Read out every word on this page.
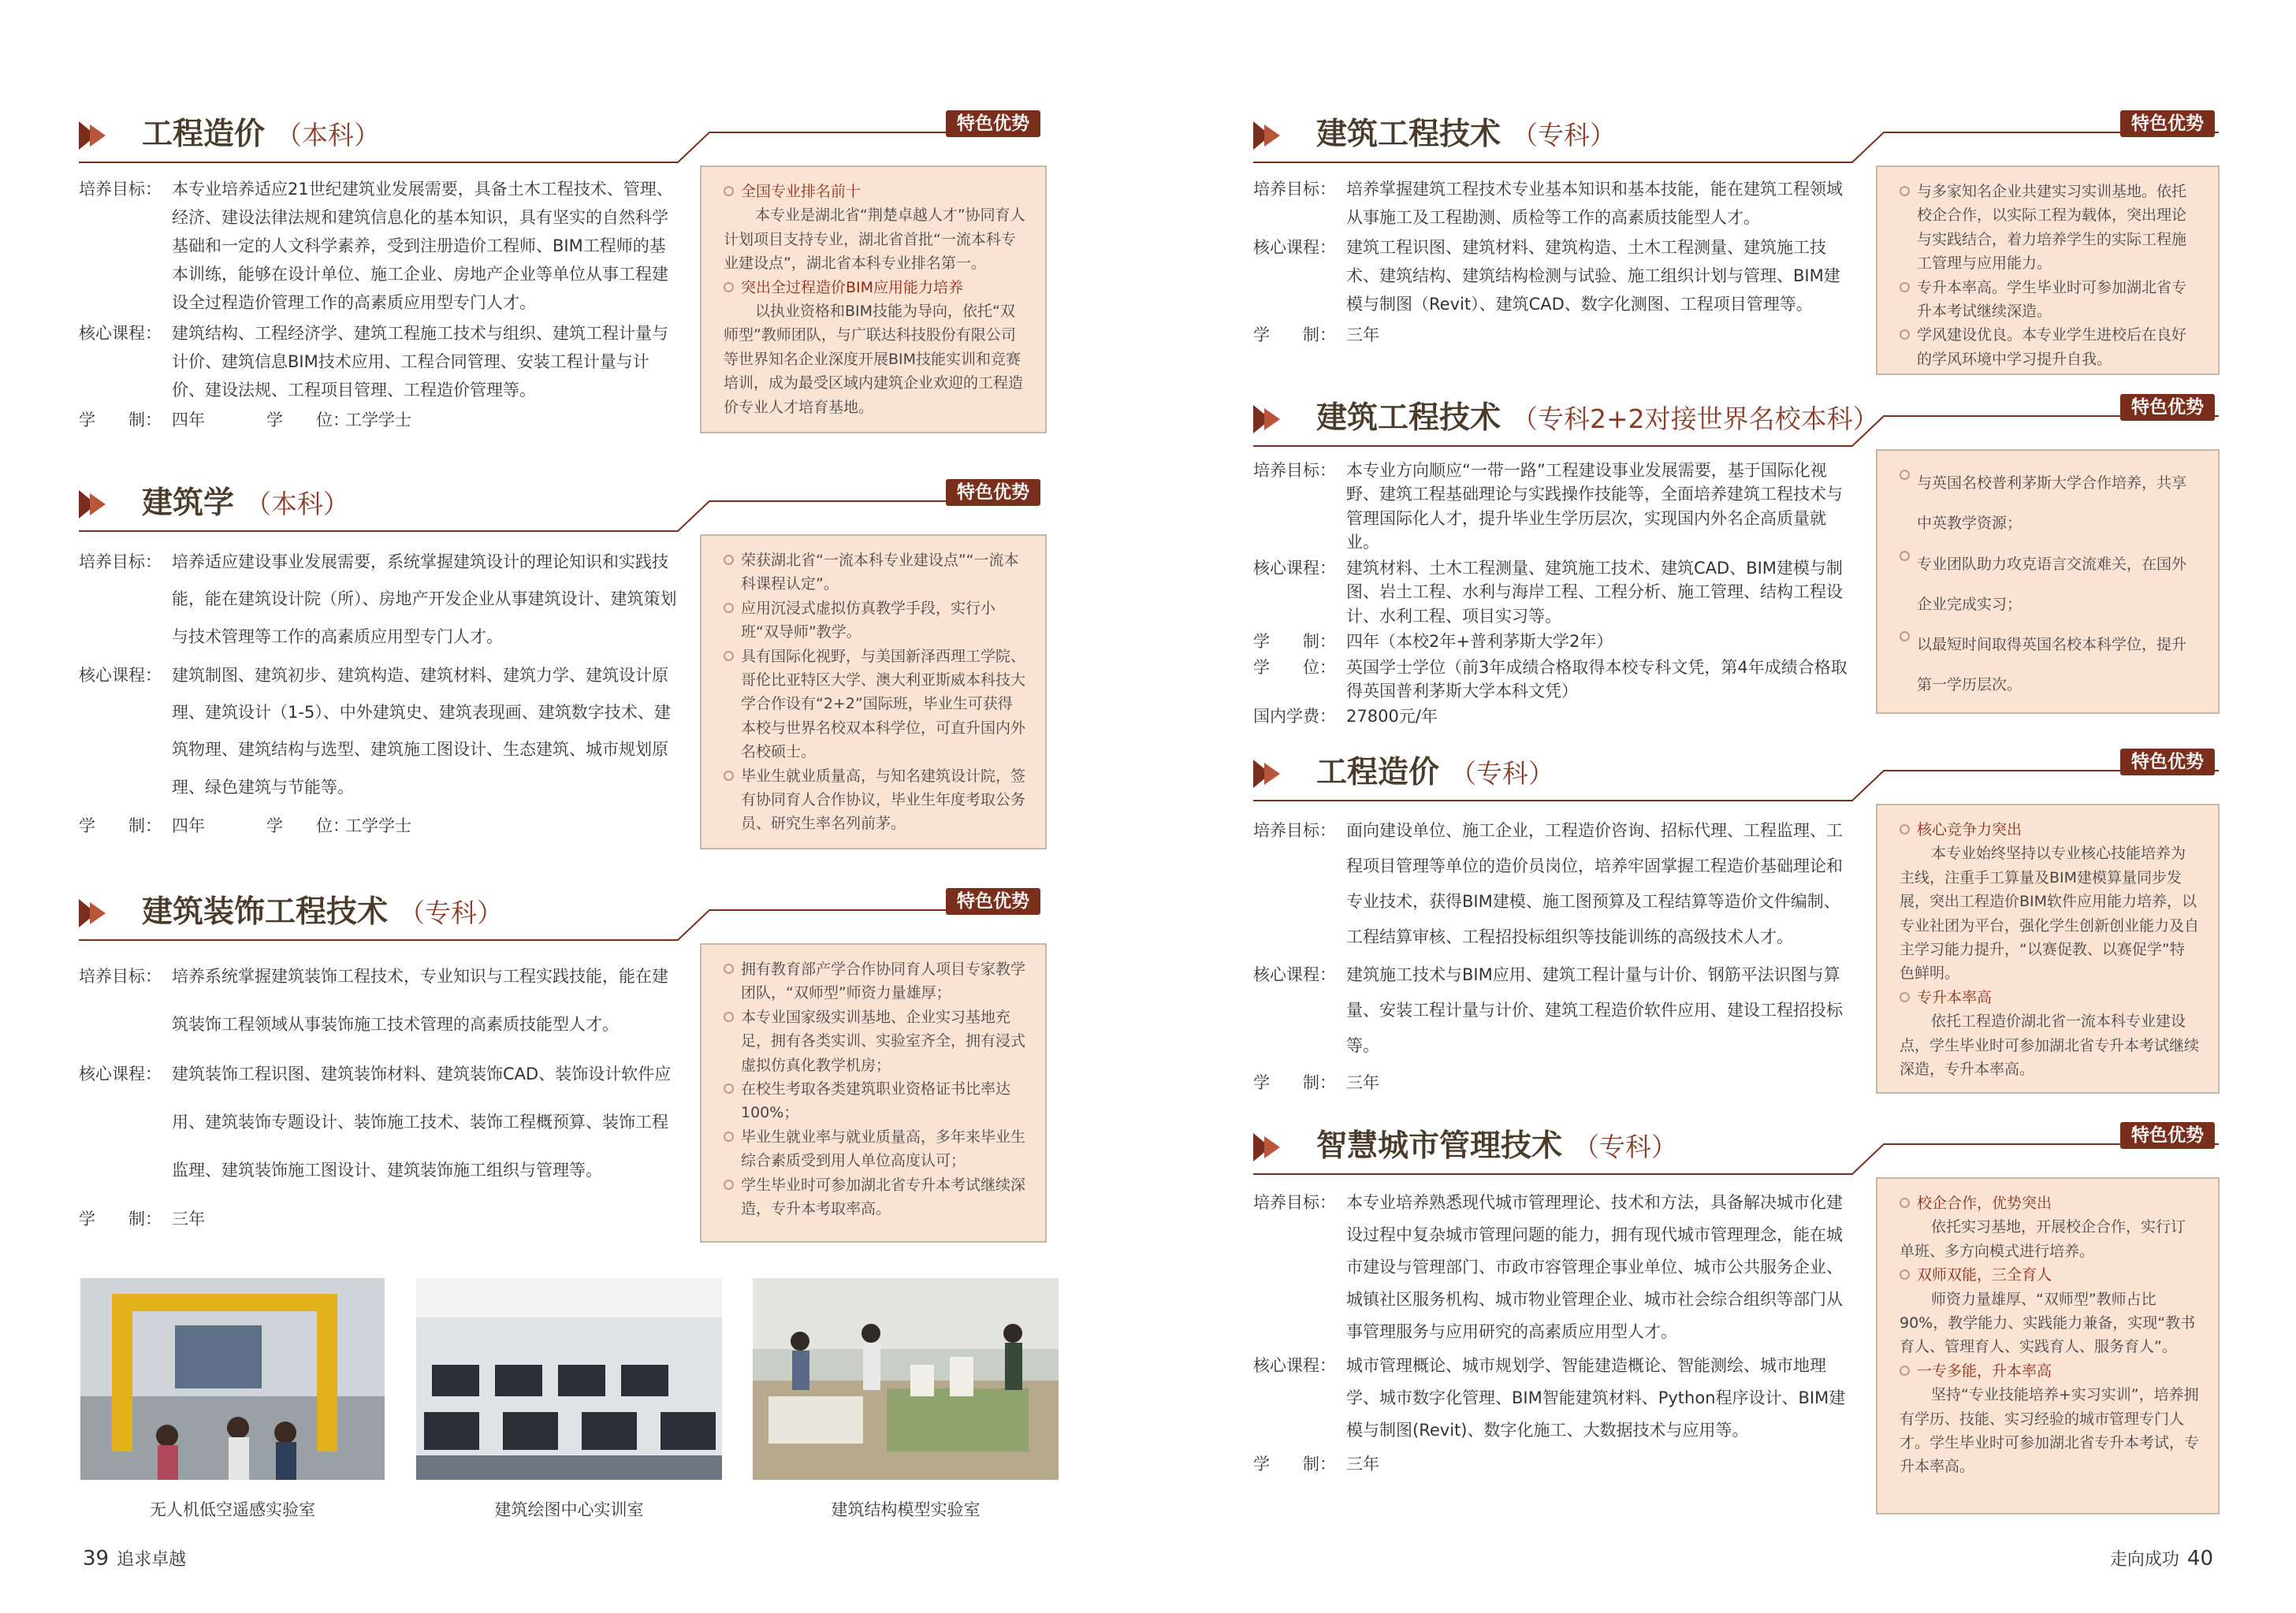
工程造价 （本科）	特色优势
培养目标： 本专业培养适应21世纪建筑业发展需要，具备土木工程技术、管理、经济、建设法律法规和建筑信息化的基本知识，具有坚实的自然科学基础和一定的人文科学素养，受到注册造价工程师、BIM工程师的基本训练，能够在设计单位、施工企业、房地产企业等单位从事工程建设全过程造价管理工作的高素质应用型专门人才。
核心课程： 建筑结构、工程经济学、建筑工程施工技术与组织、建筑工程计量与计价、建筑信息BIM技术应用、工程合同管理、安装工程计量与计价、建设法规、工程项目管理、工程造价管理等。
学　　制： 四年	学　　位：
工学学士
全国专业排名前十
本专业是湖北省“荆楚卓越人才”协同育人计划项目支持专业，湖北省首批“一流本科专业建设点”，湖北省本科专业排名第一。
突出全过程造价BIM应用能力培养
以执业资格和BIM技能为导向，依托“双师型”教师团队，与广联达科技股份有限公司等世界知名企业深度开展BIM技能实训和竞赛培训，成为最受区域内建筑企业欢迎的工程造价专业人才培育基地。
建筑学 （本科）	特色优势
培养目标： 培养适应建设事业发展需要，系统掌握建筑设计的理论知识和实践技能，能在建筑设计院（所）、房地产开发企业从事建筑设计、建筑策划与技术管理等工作的高素质应用型专门人才。
核心课程： 建筑制图、建筑初步、建筑构造、建筑材料、建筑力学、建筑设计原理、建筑设计（1-5）、中外建筑史、建筑表现画、建筑数字技术、建筑物理、建筑结构与选型、建筑施工图设计、生态建筑、城市规划原理、绿色建筑与节能等。
学　　制： 四年	学　　位：
工学学士
荣获湖北省“一流本科专业建设点”“一流本科课程认定”。
应用沉浸式虚拟仿真教学手段，实行小班“双导师”教学。
具有国际化视野，与美国新泽西理工学院、哥伦比亚特区大学、澳大利亚斯威本科技大学合作设有“2+2”国际班，毕业生可获得本校与世界名校双本科学位，可直升国内外名校硕士。
毕业生就业质量高，与知名建筑设计院，签有协同育人合作协议，毕业生年度考取公务员、研究生率名列前茅。
建筑装饰工程技术 （专科）	特色优势
培养目标： 培养系统掌握建筑装饰工程技术，专业知识与工程实践技能，能在建筑装饰工程领域从事装饰施工技术管理的高素质技能型人才。
核心课程： 建筑装饰工程识图、建筑装饰材料、建筑装饰CAD、装饰设计软件应用、建筑装饰专题设计、装饰施工技术、装饰工程概预算、装饰工程监理、建筑装饰施工图设计、建筑装饰施工组织与管理等。
学　　制： 三年
拥有教育部产学合作协同育人项目专家教学团队，“双师型”师资力量雄厚；
本专业国家级实训基地、企业实习基地充足，拥有各类实训、实验室齐全，拥有浸式虚拟仿真化教学机房；
在校生考取各类建筑职业资格证书比率达100%；
毕业生就业率与就业质量高，多年来毕业生综合素质受到用人单位高度认可；
学生毕业时可参加湖北省专升本考试继续深造，专升本考取率高。
无人机低空遥感实验室	建筑绘图中心实训室	建筑结构模型实验室
39 追求卓越
建筑工程技术 （专科）	特色优势
培养目标： 培养掌握建筑工程技术专业基本知识和基本技能，能在建筑工程领域从事施工及工程勘测、质检等工作的高素质技能型人才。
核心课程： 建筑工程识图、建筑材料、建筑构造、土木工程测量、建筑施工技术、建筑结构、建筑结构检测与试验、施工组织计划与管理、BIM建模与制图（Revit）、建筑CAD、数字化测图、工程项目管理等。
学　　制： 三年
与多家知名企业共建实习实训基地。依托校企合作，以实际工程为载体，突出理论与实践结合，着力培养学生的实际工程施工管理与应用能力。
专升本率高。学生毕业时可参加湖北省专升本考试继续深造。
学风建设优良。本专业学生进校后在良好的学风环境中学习提升自我。
建筑工程技术 （专科2+2对接世界名校本科）	特色优势
培养目标： 本专业方向顺应“一带一路”工程建设事业发展需要，基于国际化视野、建筑工程基础理论与实践操作技能等，全面培养建筑工程技术与管理国际化人才，提升毕业生学历层次，实现国内外名企高质量就业。
核心课程： 建筑材料、土木工程测量、建筑施工技术、建筑CAD、BIM建模与制图、岩土工程、水利与海岸工程、工程分析、施工管理、结构工程设计、水利工程、项目实习等。
学　　制： 四年（本校2年+普利茅斯大学2年）
学　　位： 英国学士学位（前3年成绩合格取得本校专科文凭，第4年成绩合格取得英国普利茅斯大学本科文凭）
国内学费： 27800元/年
与英国名校普利茅斯大学合作培养，共享中英教学资源；
专业团队助力攻克语言交流难关，在国外企业完成实习；
以最短时间取得英国名校本科学位，提升第一学历层次。
工程造价 （专科）	特色优势
培养目标： 面向建设单位、施工企业，工程造价咨询、招标代理、工程监理、工程项目管理等单位的造价员岗位，培养牢固掌握工程造价基础理论和专业技术，获得BIM建模、施工图预算及工程结算等造价文件编制、工程结算审核、工程招投标组织等技能训练的高级技术人才。
核心课程： 建筑施工技术与BIM应用、建筑工程计量与计价、钢筋平法识图与算量、安装工程计量与计价、建筑工程造价软件应用、建设工程招投标等。
学　　制： 三年
核心竞争力突出
本专业始终坚持以专业核心技能培养为主线，注重手工算量及BIM建模算量同步发展，突出工程造价BIM软件应用能力培养，以专业社团为平台，强化学生创新创业能力及自主学习能力提升，“以赛促教、以赛促学”特色鲜明。
专升本率高
依托工程造价湖北省一流本科专业建设点，学生毕业时可参加湖北省专升本考试继续深造，专升本率高。
智慧城市管理技术 （专科）	特色优势
培养目标： 本专业培养熟悉现代城市管理理论、技术和方法，具备解决城市化建设过程中复杂城市管理问题的能力，拥有现代城市管理理念，能在城市建设与管理部门、市政市容管理企事业单位、城市公共服务企业、城镇社区服务机构、城市物业管理企业、城市社会综合组织等部门从事管理服务与应用研究的高素质应用型人才。
核心课程： 城市管理概论、城市规划学、智能建造概论、智能测绘、城市地理学、城市数字化管理、BIM智能建筑材料、Python程序设计、BIM建模与制图(Revit)、数字化施工、大数据技术与应用等。
学　　制： 三年
校企合作，优势突出
依托实习基地，开展校企合作，实行订单班、多方向模式进行培养。
双师双能，三全育人
师资力量雄厚、“双师型”教师占比90%，教学能力、实践能力兼备，实现“教书育人、管理育人、实践育人、服务育人”。
一专多能，升本率高
坚持“专业技能培养+实习实训”，培养拥有学历、技能、实习经验的城市管理专门人才。学生毕业时可参加湖北省专升本考试，专升本率高。
走向成功 40
